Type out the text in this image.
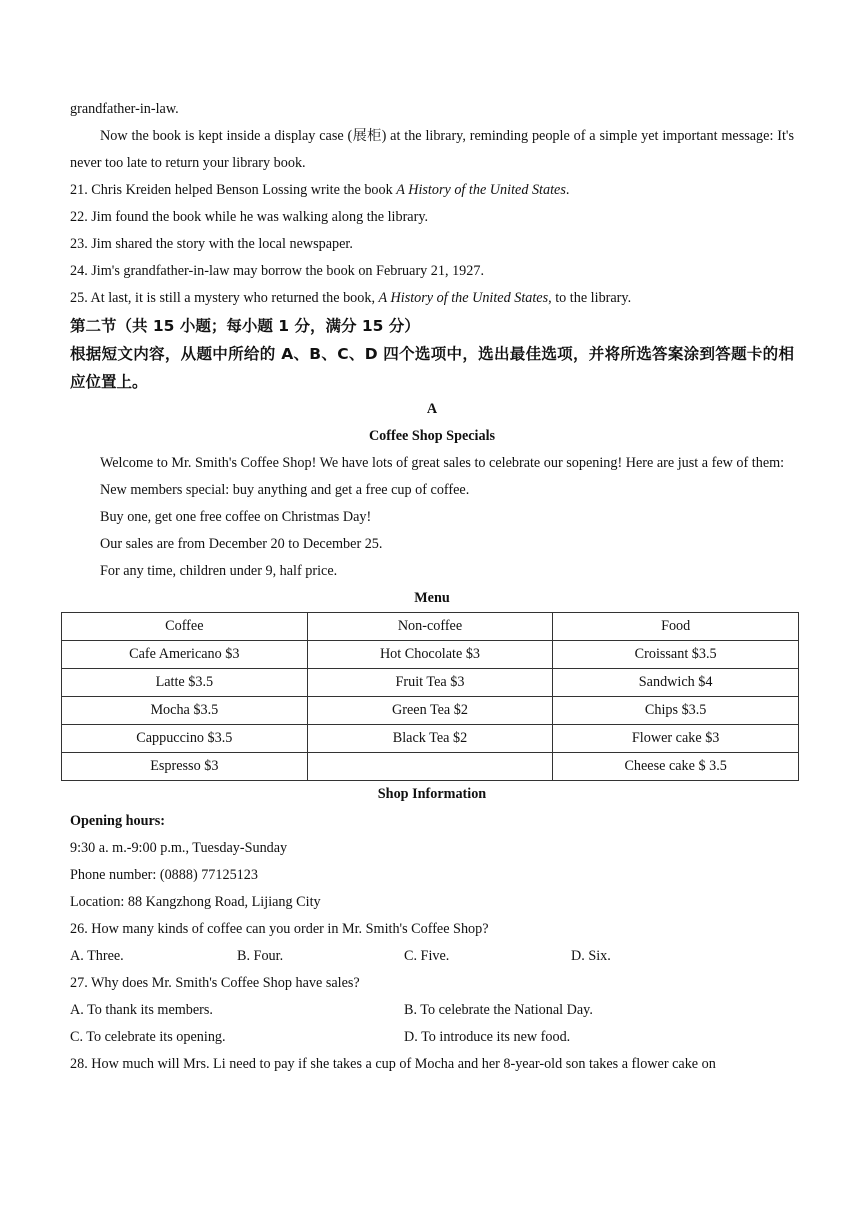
grandfather-in-law.

Now the book is kept inside a display case (展柜) at the library, reminding people of a simple yet important message: It's never too late to return your library book.

21. Chris Kreiden helped Benson Lossing write the book A History of the United States.

22. Jim found the book while he was walking along the library.

23. Jim shared the story with the local newspaper.

24. Jim's grandfather-in-law may borrow the book on February 21, 1927.

25. At last, it is still a mystery who returned the book, A History of the United States, to the library.

第二节（共 15 小题；每小题 1 分，满分 15 分）

根据短文内容，从题中所给的 A、B、C、D 四个选项中，选出最佳选项，并将所选答案涂到答题卡的相应位置上。

A

Coffee Shop Specials

Welcome to Mr. Smith's Coffee Shop! We have lots of great sales to celebrate our sopening! Here are just a few of them:

New members special: buy anything and get a free cup of coffee.

Buy one, get one free coffee on Christmas Day!

Our sales are from December 20 to December 25.

For any time, children under 9, half price.

Menu

Coffee	Non-coffee	Food
Cafe Americano $3	Hot Chocolate $3	Croissant $3.5
Latte $3.5	Fruit Tea $3	Sandwich $4
Mocha $3.5	Green Tea $2	Chips $3.5
Cappuccino $3.5	Black Tea $2	Flower cake $3
Espresso $3		Cheese cake $ 3.5

Shop Information

Opening hours:

9:30 a. m.-9:00 p.m., Tuesday-Sunday

Phone number: (0888) 77125123

Location: 88 Kangzhong Road, Lijiang City

26. How many kinds of coffee can you order in Mr. Smith's Coffee Shop?

A. Three.	B. Four.	C. Five.	D. Six.

27. Why does Mr. Smith's Coffee Shop have sales?

A. To thank its members.	B. To celebrate the National Day.
C. To celebrate its opening.	D. To introduce its new food.

28. How much will Mrs. Li need to pay if she takes a cup of Mocha and her 8-year-old son takes a flower cake on
